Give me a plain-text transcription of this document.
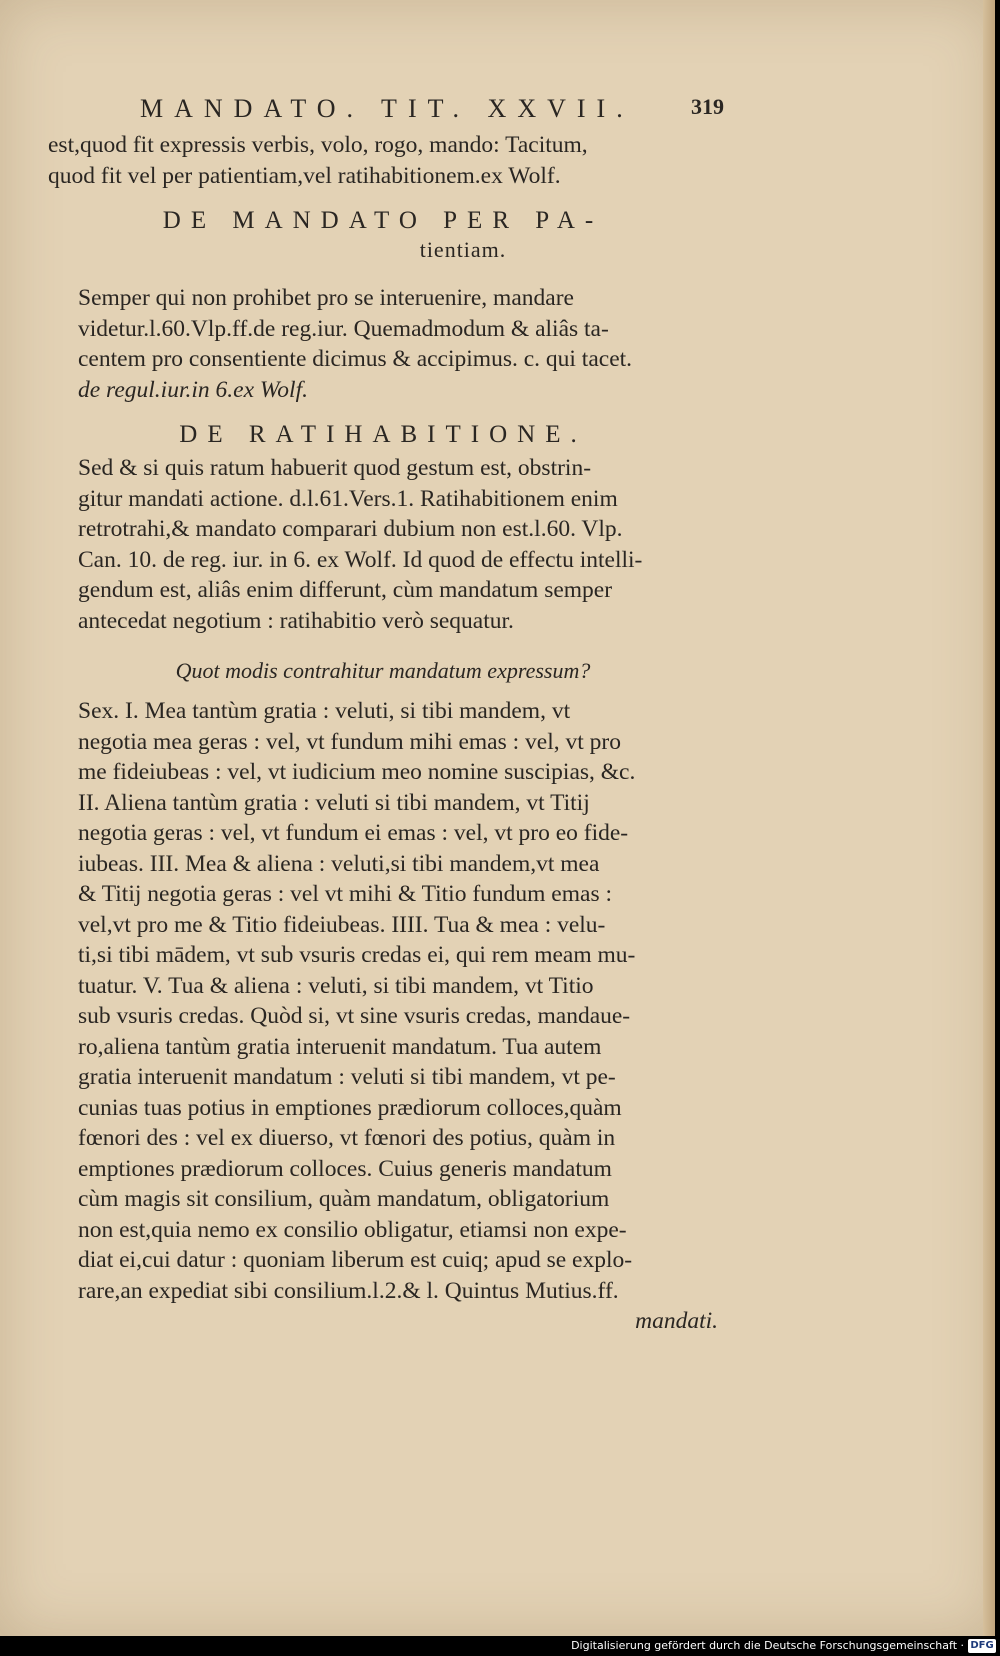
MANDATO. TIT. XXVII.	319

est,quod fit expressis verbis, volo, rogo, mando: Tacitum,
quod fit vel per patientiam,vel ratihabitionem.ex Wolf.

DE MANDATO PER PA-
tientiam.

Semper qui non prohibet pro se interuenire, mandare
videtur.l.60.Vlp.ff.de reg.iur. Quemadmodum & aliâs ta-
centem pro consentiente dicimus & accipimus. c. qui tacet.
de regul.iur.in 6.ex Wolf.

DE RATIHABITIONE.

Sed & si quis ratum habuerit quod gestum est, obstrin-
gitur mandati actione. d.l.61.Vers.1. Ratihabitionem enim
retrotrahi,& mandato comparari dubium non est.l.60. Vlp.
Can. 10. de reg. iur. in 6. ex Wolf. Id quod de effectu intelli-
gendum est, aliâs enim differunt, cùm mandatum semper
antecedat negotium : ratihabitio verò sequatur.

Quot modis contrahitur mandatum expressum?

Sex. I. Mea tantùm gratia : veluti, si tibi mandem, vt
negotia mea geras : vel, vt fundum mihi emas : vel, vt pro
me fideiubeas : vel, vt iudicium meo nomine suscipias, &c.
II. Aliena tantùm gratia : veluti si tibi mandem, vt Titij
negotia geras : vel, vt fundum ei emas : vel, vt pro eo fide-
iubeas. III. Mea & aliena : veluti,si tibi mandem,vt mea
& Titij negotia geras : vel vt mihi & Titio fundum emas :
vel,vt pro me & Titio fideiubeas. IIII. Tua & mea : velu-
ti,si tibi mādem, vt sub vsuris credas ei, qui rem meam mu-
tuatur. V. Tua & aliena : veluti, si tibi mandem, vt Titio
sub vsuris credas. Quòd si, vt sine vsuris credas, mandaue-
ro,aliena tantùm gratia interuenit mandatum. Tua autem
gratia interuenit mandatum : veluti si tibi mandem, vt pe-
cunias tuas potius in emptiones prædiorum colloces,quàm
fœnori des : vel ex diuerso, vt fœnori des potius, quàm in
emptiones prædiorum colloces. Cuius generis mandatum
cùm magis sit consilium, quàm mandatum, obligatorium
non est,quia nemo ex consilio obligatur, etiamsi non expe-
diat ei,cui datur : quoniam liberum est cuiq; apud se explo-
rare,an expediat sibi consilium.l.2.& l. Quintus Mutius.ff.
mandati.

Digitalisierung gefördert durch die Deutsche Forschungsgemeinschaft · DFG
